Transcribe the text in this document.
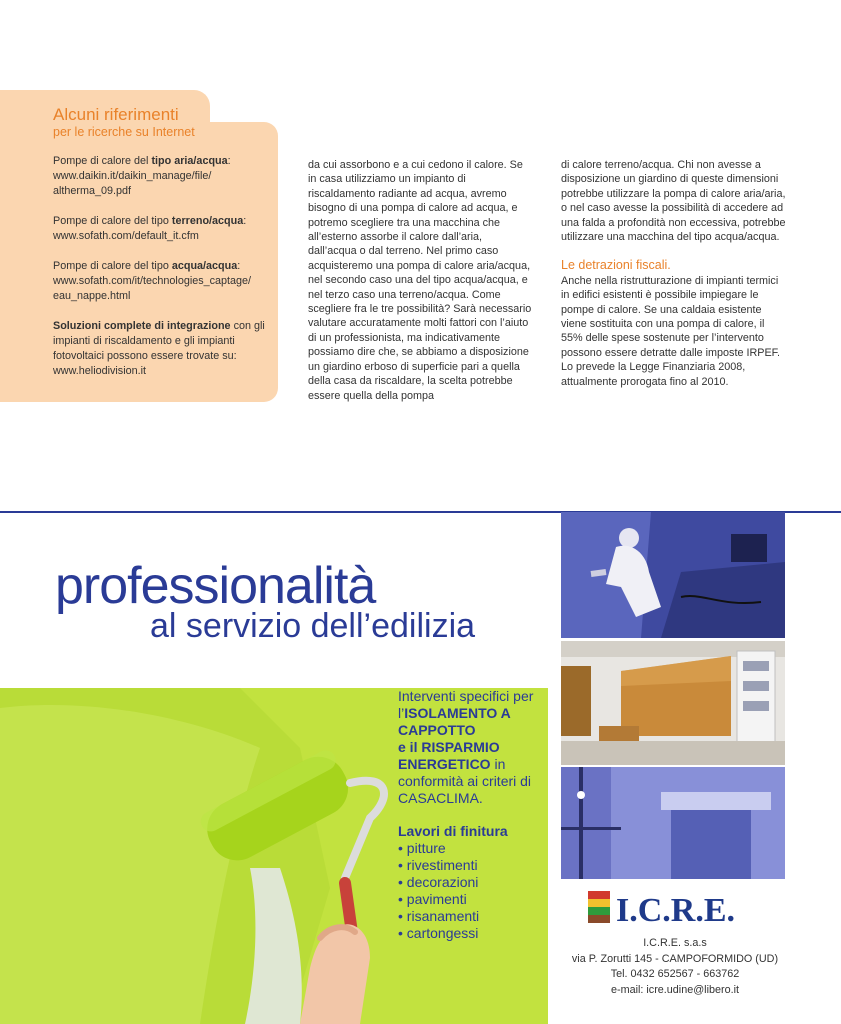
Alcuni riferimenti
per le ricerche su Internet

Pompe di calore del tipo aria/acqua:
www.daikin.it/daikin_manage/file/
altherma_09.pdf

Pompe di calore del tipo terreno/acqua:
www.sofath.com/default_it.cfm

Pompe di calore del tipo acqua/acqua:
www.sofath.com/it/technologies_captage/
eau_nappe.html

Soluzioni complete di integrazione con gli impianti di riscaldamento e gli impianti fotovoltaici possono essere trovate su:
www.heliodivision.it

da cui assorbono e a cui cedono il calore. Se in casa utilizziamo un impianto di riscaldamento radiante ad acqua, avremo bisogno di una pompa di calore ad acqua, e potremo scegliere tra una macchina che all’esterno assorbe il calore dall’aria, dall’acqua o dal terreno. Nel primo caso acquisteremo una pompa di calore aria/acqua, nel secondo caso una del tipo acqua/acqua, e nel terzo caso una terreno/acqua. Come scegliere fra le tre possibilità? Sarà necessario valutare accuratamente molti fattori con l’aiuto di un professionista, ma indicativamente possiamo dire che, se abbiamo a disposizione un giardino erboso di superficie pari a quella della casa da riscaldare, la scelta potrebbe essere quella della pompa

di calore terreno/acqua. Chi non avesse a disposizione un giardino di queste dimensioni potrebbe utilizzare la pompa di calore aria/aria, o nel caso avesse la possibilità di accedere ad una falda a profondità non eccessiva, potrebbe utilizzare una macchina del tipo acqua/acqua.

Le detrazioni fiscali.

Anche nella ristrutturazione di impianti termici in edifici esistenti è possibile impiegare le pompe di calore. Se una caldaia esistente viene sostituita con una pompa di calore, il 55% delle spese sostenute per l’intervento possono essere detratte dalle imposte IRPEF. Lo prevede la Legge Finanziaria 2008, attualmente prorogata fino al 2010.

professionalità
al servizio dell’edilizia
Interventi specifici per l’ISOLAMENTO A CAPPOTTO
e il RISPARMIO ENERGETICO in conformità ai criteri di CASACLIMA.
Lavori di finitura
• pitture
• rivestimenti
• decorazioni
• pavimenti
• risanamenti
• cartongessi
I.C.R.E.
I.C.R.E. s.a.s
via P. Zorutti 145 - CAMPOFORMIDO (UD)
Tel. 0432 652567 - 663762
e-mail: icre.udine@libero.it
